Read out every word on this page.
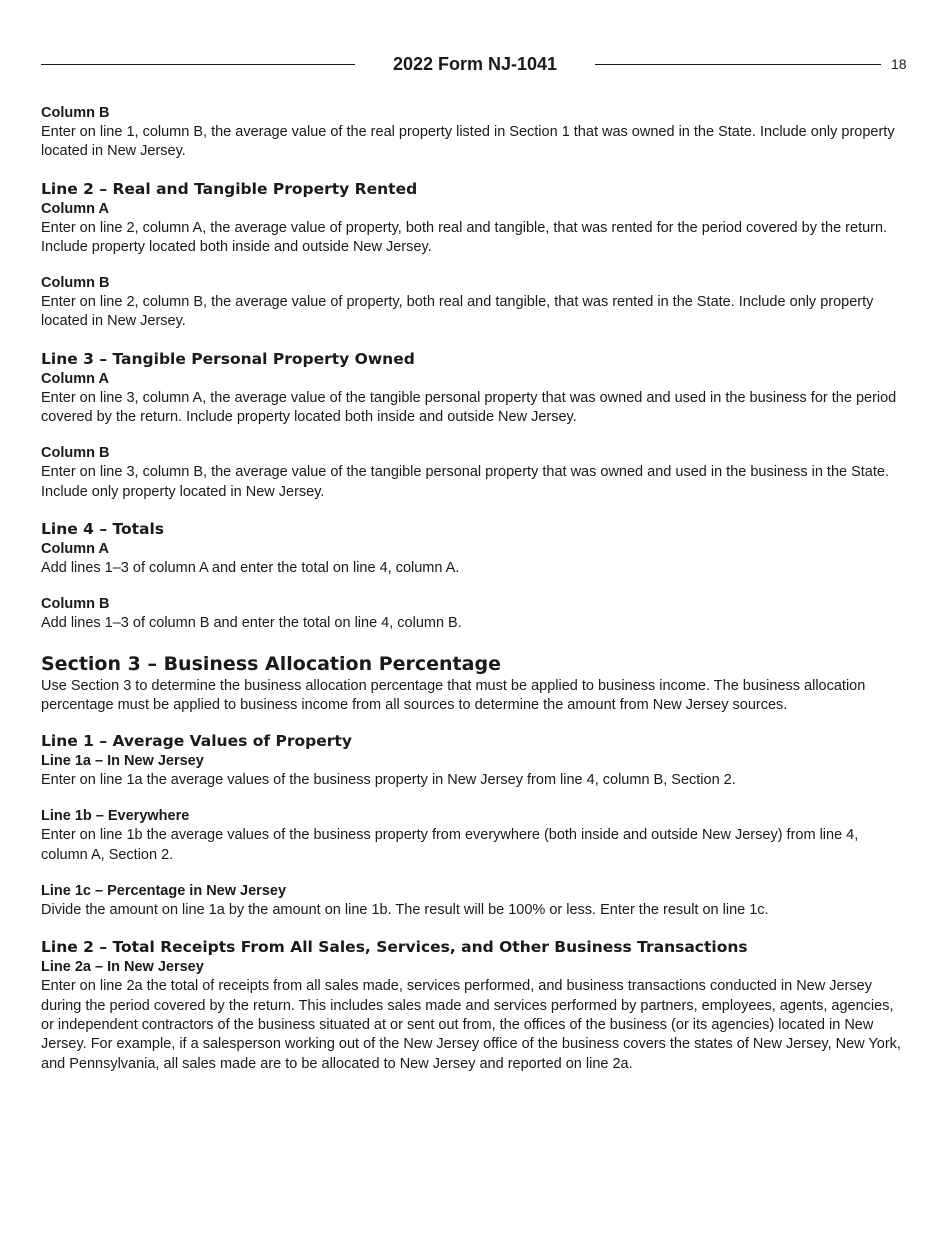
2022 Form NJ-1041	18
Column B

Enter on line 1, column B, the average value of the real property listed in Section 1 that was owned in the State. Include only property located in New Jersey.

Line 2 – Real and Tangible Property Rented
Column A

Enter on line 2, column A, the average value of property, both real and tangible, that was rented for the period covered by the return. Include property located both inside and outside New Jersey.

Column B

Enter on line 2, column B, the average value of property, both real and tangible, that was rented in the State. Include only property located in New Jersey.

Line 3 – Tangible Personal Property Owned
Column A

Enter on line 3, column A, the average value of the tangible personal property that was owned and used in the business for the period covered by the return. Include property located both inside and outside New Jersey.

Column B

Enter on line 3, column B, the average value of the tangible personal property that was owned and used in the business in the State. Include only property located in New Jersey.

Line 4 – Totals
Column A

Add lines 1–3 of column A and enter the total on line 4, column A.

Column B

Add lines 1–3 of column B and enter the total on line 4, column B.

Section 3 – Business Allocation Percentage

Use Section 3 to determine the business allocation percentage that must be applied to business income. The business allocation percentage must be applied to business income from all sources to determine the amount from New Jersey sources.

Line 1 – Average Values of Property
Line 1a – In New Jersey

Enter on line 1a the average values of the business property in New Jersey from line 4, column B, Section 2.

Line 1b – Everywhere

Enter on line 1b the average values of the business property from everywhere (both inside and outside New Jersey) from line 4, column A, Section 2.

Line 1c – Percentage in New Jersey

Divide the amount on line 1a by the amount on line 1b. The result will be 100% or less. Enter the result on line 1c.

Line 2 – Total Receipts From All Sales, Services, and Other Business Transactions
Line 2a – In New Jersey

Enter on line 2a the total of receipts from all sales made, services performed, and business transactions conducted in New Jersey during the period covered by the return. This includes sales made and services performed by partners, employees, agents, agencies, or independent contractors of the business situated at or sent out from, the offices of the business (or its agencies) located in New Jersey. For example, if a salesperson working out of the New Jersey office of the business covers the states of New Jersey, New York, and Pennsylvania, all sales made are to be allocated to New Jersey and reported on line 2a.
